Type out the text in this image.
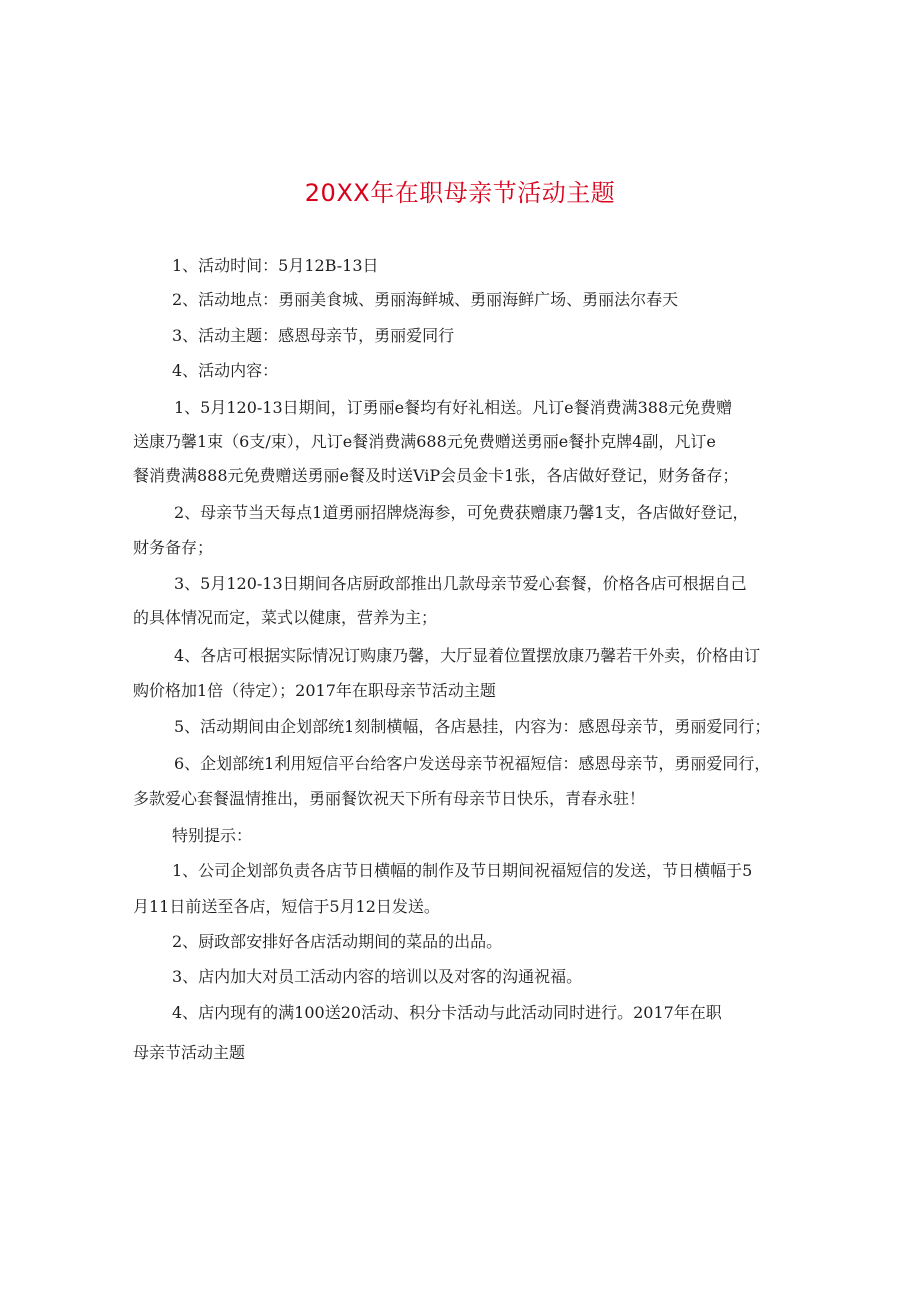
20XX年在职母亲节活动主题
1、活动时间：5月12B-13日
2、活动地点：勇丽美食城、勇丽海鲜城、勇丽海鲜广场、勇丽法尔春天
3、活动主题：感恩母亲节，勇丽爱同行
4、活动内容：
1、5月120-13日期间，订勇丽e餐均有好礼相送。凡订e餐消费满388元免费赠
送康乃馨1束（6支/束），凡订e餐消费满688元免费赠送勇丽e餐扑克牌4副，凡订e
餐消费满888元免费赠送勇丽e餐及时送ViP会员金卡1张，各店做好登记，财务备存；
2、母亲节当天每点1道勇丽招牌烧海参，可免费获赠康乃馨1支，各店做好登记，
财务备存；
3、5月120-13日期间各店厨政部推出几款母亲节爱心套餐，价格各店可根据自己
的具体情况而定，菜式以健康，营养为主；
4、各店可根据实际情况订购康乃馨，大厅显着位置摆放康乃馨若干外卖，价格由订
购价格加1倍（待定）；2017年在职母亲节活动主题
5、活动期间由企划部统1刻制横幅，各店悬挂，内容为：感恩母亲节，勇丽爱同行；
6、企划部统1利用短信平台给客户发送母亲节祝福短信：感恩母亲节，勇丽爱同行，
多款爱心套餐温情推出，勇丽餐饮祝天下所有母亲节日快乐，青春永驻！
特别提示：
1、公司企划部负责各店节日横幅的制作及节日期间祝福短信的发送，节日横幅于5
月11日前送至各店，短信于5月12日发送。
2、厨政部安排好各店活动期间的菜品的出品。
3、店内加大对员工活动内容的培训以及对客的沟通祝福。
4、店内现有的满100送20活动、积分卡活动与此活动同时进行。2017年在职
母亲节活动主题
